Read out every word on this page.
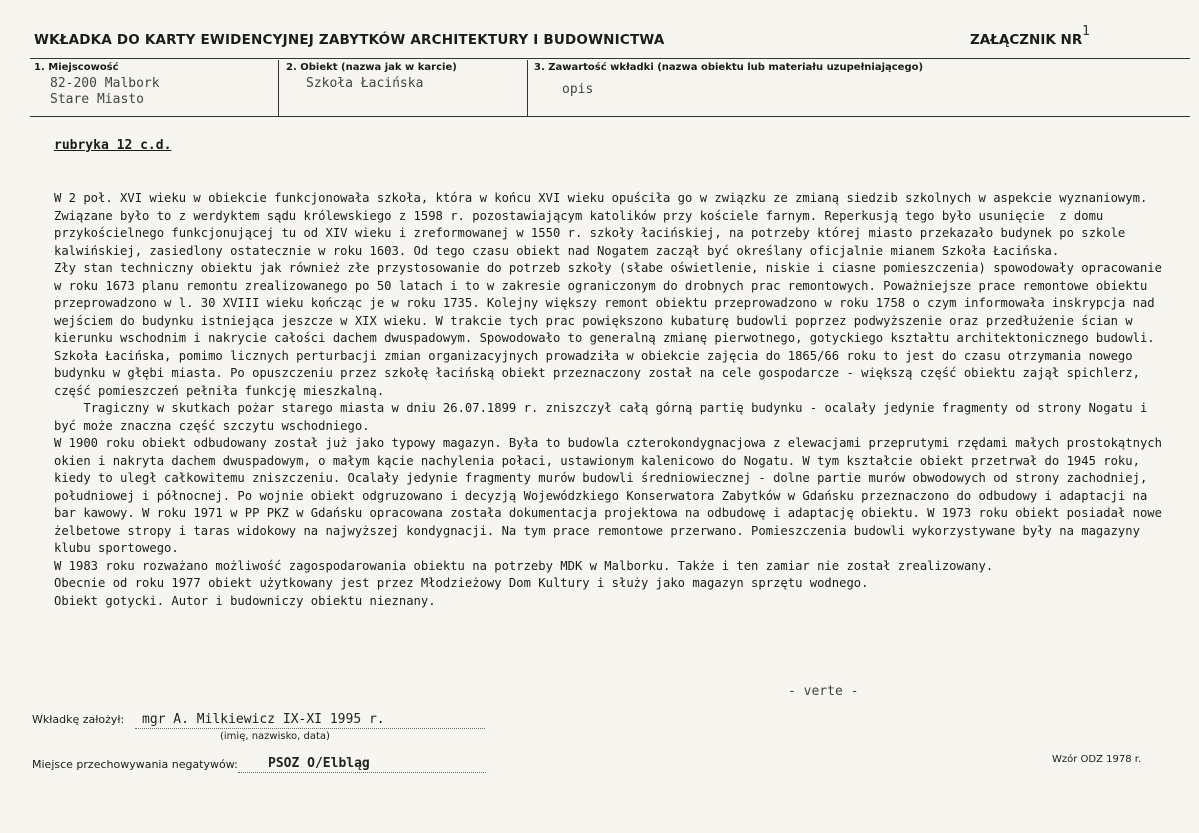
WKŁADKA DO KARTY EWIDENCYJNEJ ZABYTKÓW ARCHITEKTURY I BUDOWNICTWA	ZAŁĄCZNIK NR
1
1. Miejscowość
82-200 Malbork
Stare Miasto
2. Obiekt (nazwa jak w karcie)
Szkoła Łacińska
3. Zawartość wkładki (nazwa obiektu lub materiału uzupełniającego)
opis
rubryka 12 c.d.

W 2 poł. XVI wieku w obiekcie funkcjonowała szkoła, która w końcu XVI wieku opuściła go w związku ze zmianą siedzib szkolnych w aspekcie wyznaniowym. Związane było to z werdyktem sądu królewskiego z 1598 r. pozostawiającym katolików przy kościele farnym. Reperkusją tego było usunięcie  z domu przykościelnego funkcjonującej tu od XIV wieku i zreformowanej w 1550 r. szkoły łacińskiej, na potrzeby której miasto przekazało budynek po szkole kalwińskiej, zasiedlony ostatecznie w roku 1603. Od tego czasu obiekt nad Nogatem zaczął być określany oficjalnie mianem Szkoła Łacińska.

Zły stan techniczny obiektu jak również złe przystosowanie do potrzeb szkoły (słabe oświetlenie, niskie i ciasne pomieszczenia) spowodowały opracowanie w roku 1673 planu remontu zrealizowanego po 50 latach i to w zakresie ograniczonym do drobnych prac remontowych. Poważniejsze prace remontowe obiektu przeprowadzono w l. 30 XVIII wieku kończąc je w roku 1735. Kolejny większy remont obiektu przeprowadzono w roku 1758 o czym informowała inskrypcja nad wejściem do budynku istniejąca jeszcze w XIX wieku. W trakcie tych prac powiększono kubaturę budowli poprzez podwyższenie oraz przedłużenie ścian w kierunku wschodnim i nakrycie całości dachem dwuspadowym. Spowodowało to generalną zmianę pierwotnego, gotyckiego kształtu architektonicznego budowli.

Szkoła Łacińska, pomimo licznych perturbacji zmian organizacyjnych prowadziła w obiekcie zajęcia do 1865/66 roku to jest do czasu otrzymania nowego budynku w głębi miasta. Po opuszczeniu przez szkołę łacińską obiekt przeznaczony został na cele gospodarcze - większą część obiektu zajął spichlerz, część pomieszczeń pełniła funkcję mieszkalną.

Tragiczny w skutkach pożar starego miasta w dniu 26.07.1899 r. zniszczył całą górną partię budynku - ocalały jedynie fragmenty od strony Nogatu i być może znaczna część szczytu wschodniego.

W 1900 roku obiekt odbudowany został już jako typowy magazyn. Była to budowla czterokondygnacjowa z elewacjami przeprutymi rzędami małych prostokątnych okien i nakryta dachem dwuspadowym, o małym kącie nachylenia połaci, ustawionym kalenicowo do Nogatu. W tym kształcie obiekt przetrwał do 1945 roku, kiedy to uległ całkowitemu zniszczeniu. Ocalały jedynie fragmenty murów budowli średniowiecznej - dolne partie murów obwodowych od strony zachodniej, południowej i północnej. Po wojnie obiekt odgruzowano i decyzją Wojewódzkiego Konserwatora Zabytków w Gdańsku przeznaczono do odbudowy i adaptacji na bar kawowy. W roku 1971 w PP PKZ w Gdańsku opracowana została dokumentacja projektowa na odbudowę i adaptację obiektu. W 1973 roku obiekt posiadał nowe żelbetowe stropy i taras widokowy na najwyższej kondygnacji. Na tym prace remontowe przerwano. Pomieszczenia budowli wykorzystywane były na magazyny klubu sportowego.

W 1983 roku rozważano możliwość zagospodarowania obiektu na potrzeby MDK w Malborku. Także i ten zamiar nie został zrealizowany.

Obecnie od roku 1977 obiekt użytkowany jest przez Młodzieżowy Dom Kultury i służy jako magazyn sprzętu wodnego.

Obiekt gotycki. Autor i budowniczy obiektu nieznany.

- verte -
Wkładkę założył: mgr A. Milkiewicz IX-XI 1995 r.
(imię, nazwisko, data)
Miejsce przechowywania negatywów: PSOZ O/Elbląg	Wzór ODZ 1978 r.
